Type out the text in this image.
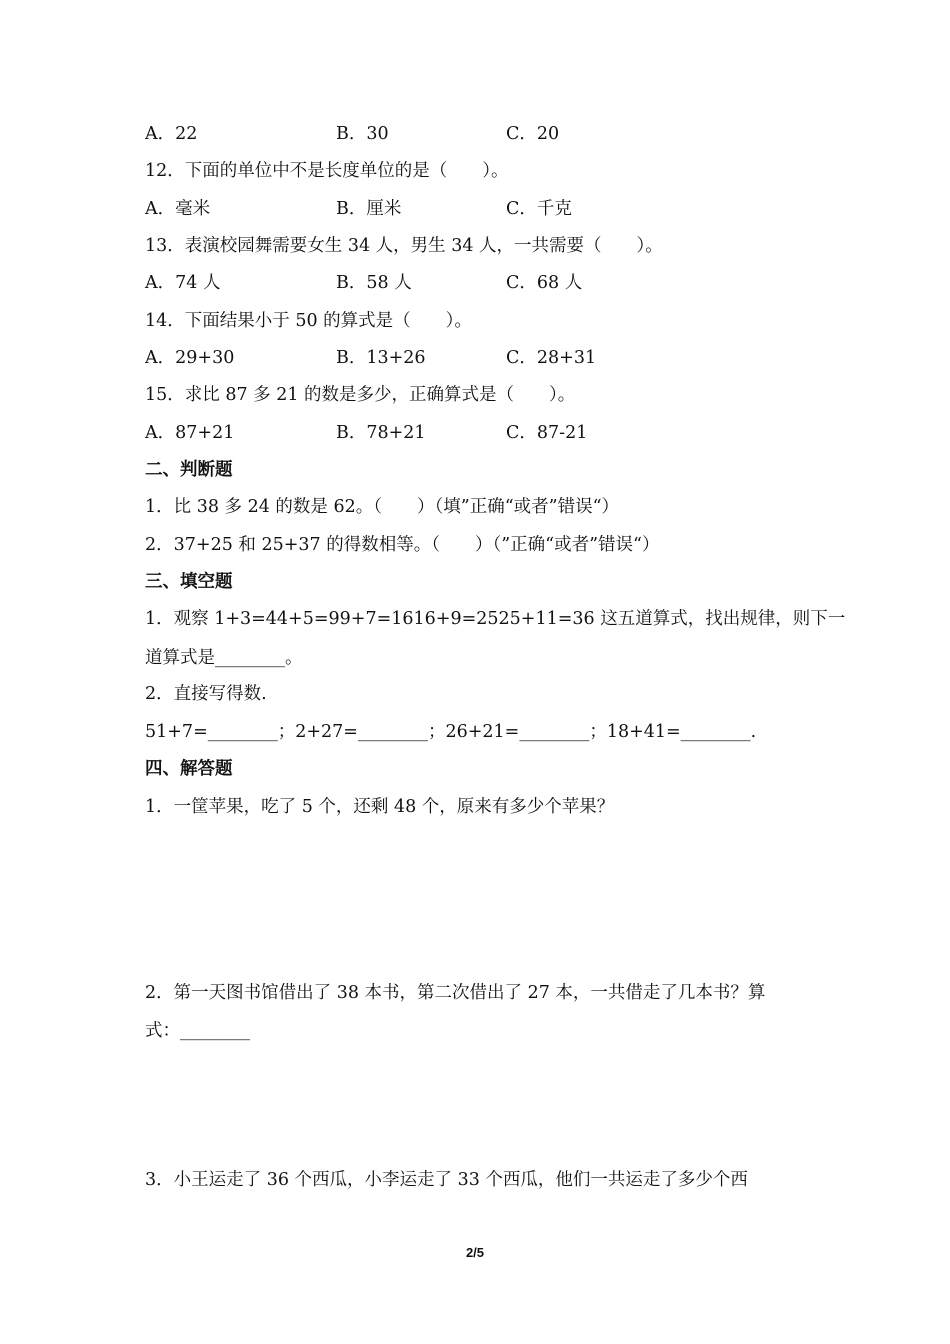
A．22	B．30	C．20
12．下面的单位中不是长度单位的是（　　）。
A．毫米	B．厘米	C．千克
13．表演校园舞需要女生 34 人，男生 34 人，一共需要（　　）。
A．74 人	B．58 人	C．68 人
14．下面结果小于 50 的算式是（　　）。
A．29+30	B．13+26	C．28+31
15．求比 87 多 21 的数是多少，正确算式是（　　）。
A．87+21	B．78+21	C．87-21
二、判断题
1．比 38 多 24 的数是 62。（　　）（填”正确“或者”错误“）
2．37+25 和 25+37 的得数相等。（　　）（”正确“或者”错误“）
三、填空题
1．观察 1+3=44+5=99+7=1616+9=2525+11=36 这五道算式，找出规律，则下一
道算式是________。
2．直接写得数.
51+7=________；2+27=________；26+21=________；18+41=________.
四、解答题
1．一筐苹果，吃了 5 个，还剩 48 个，原来有多少个苹果？
2．第一天图书馆借出了 38 本书，第二次借出了 27 本，一共借走了几本书？算
式：________
3．小王运走了 36 个西瓜，小李运走了 33 个西瓜，他们一共运走了多少个西
2/5
